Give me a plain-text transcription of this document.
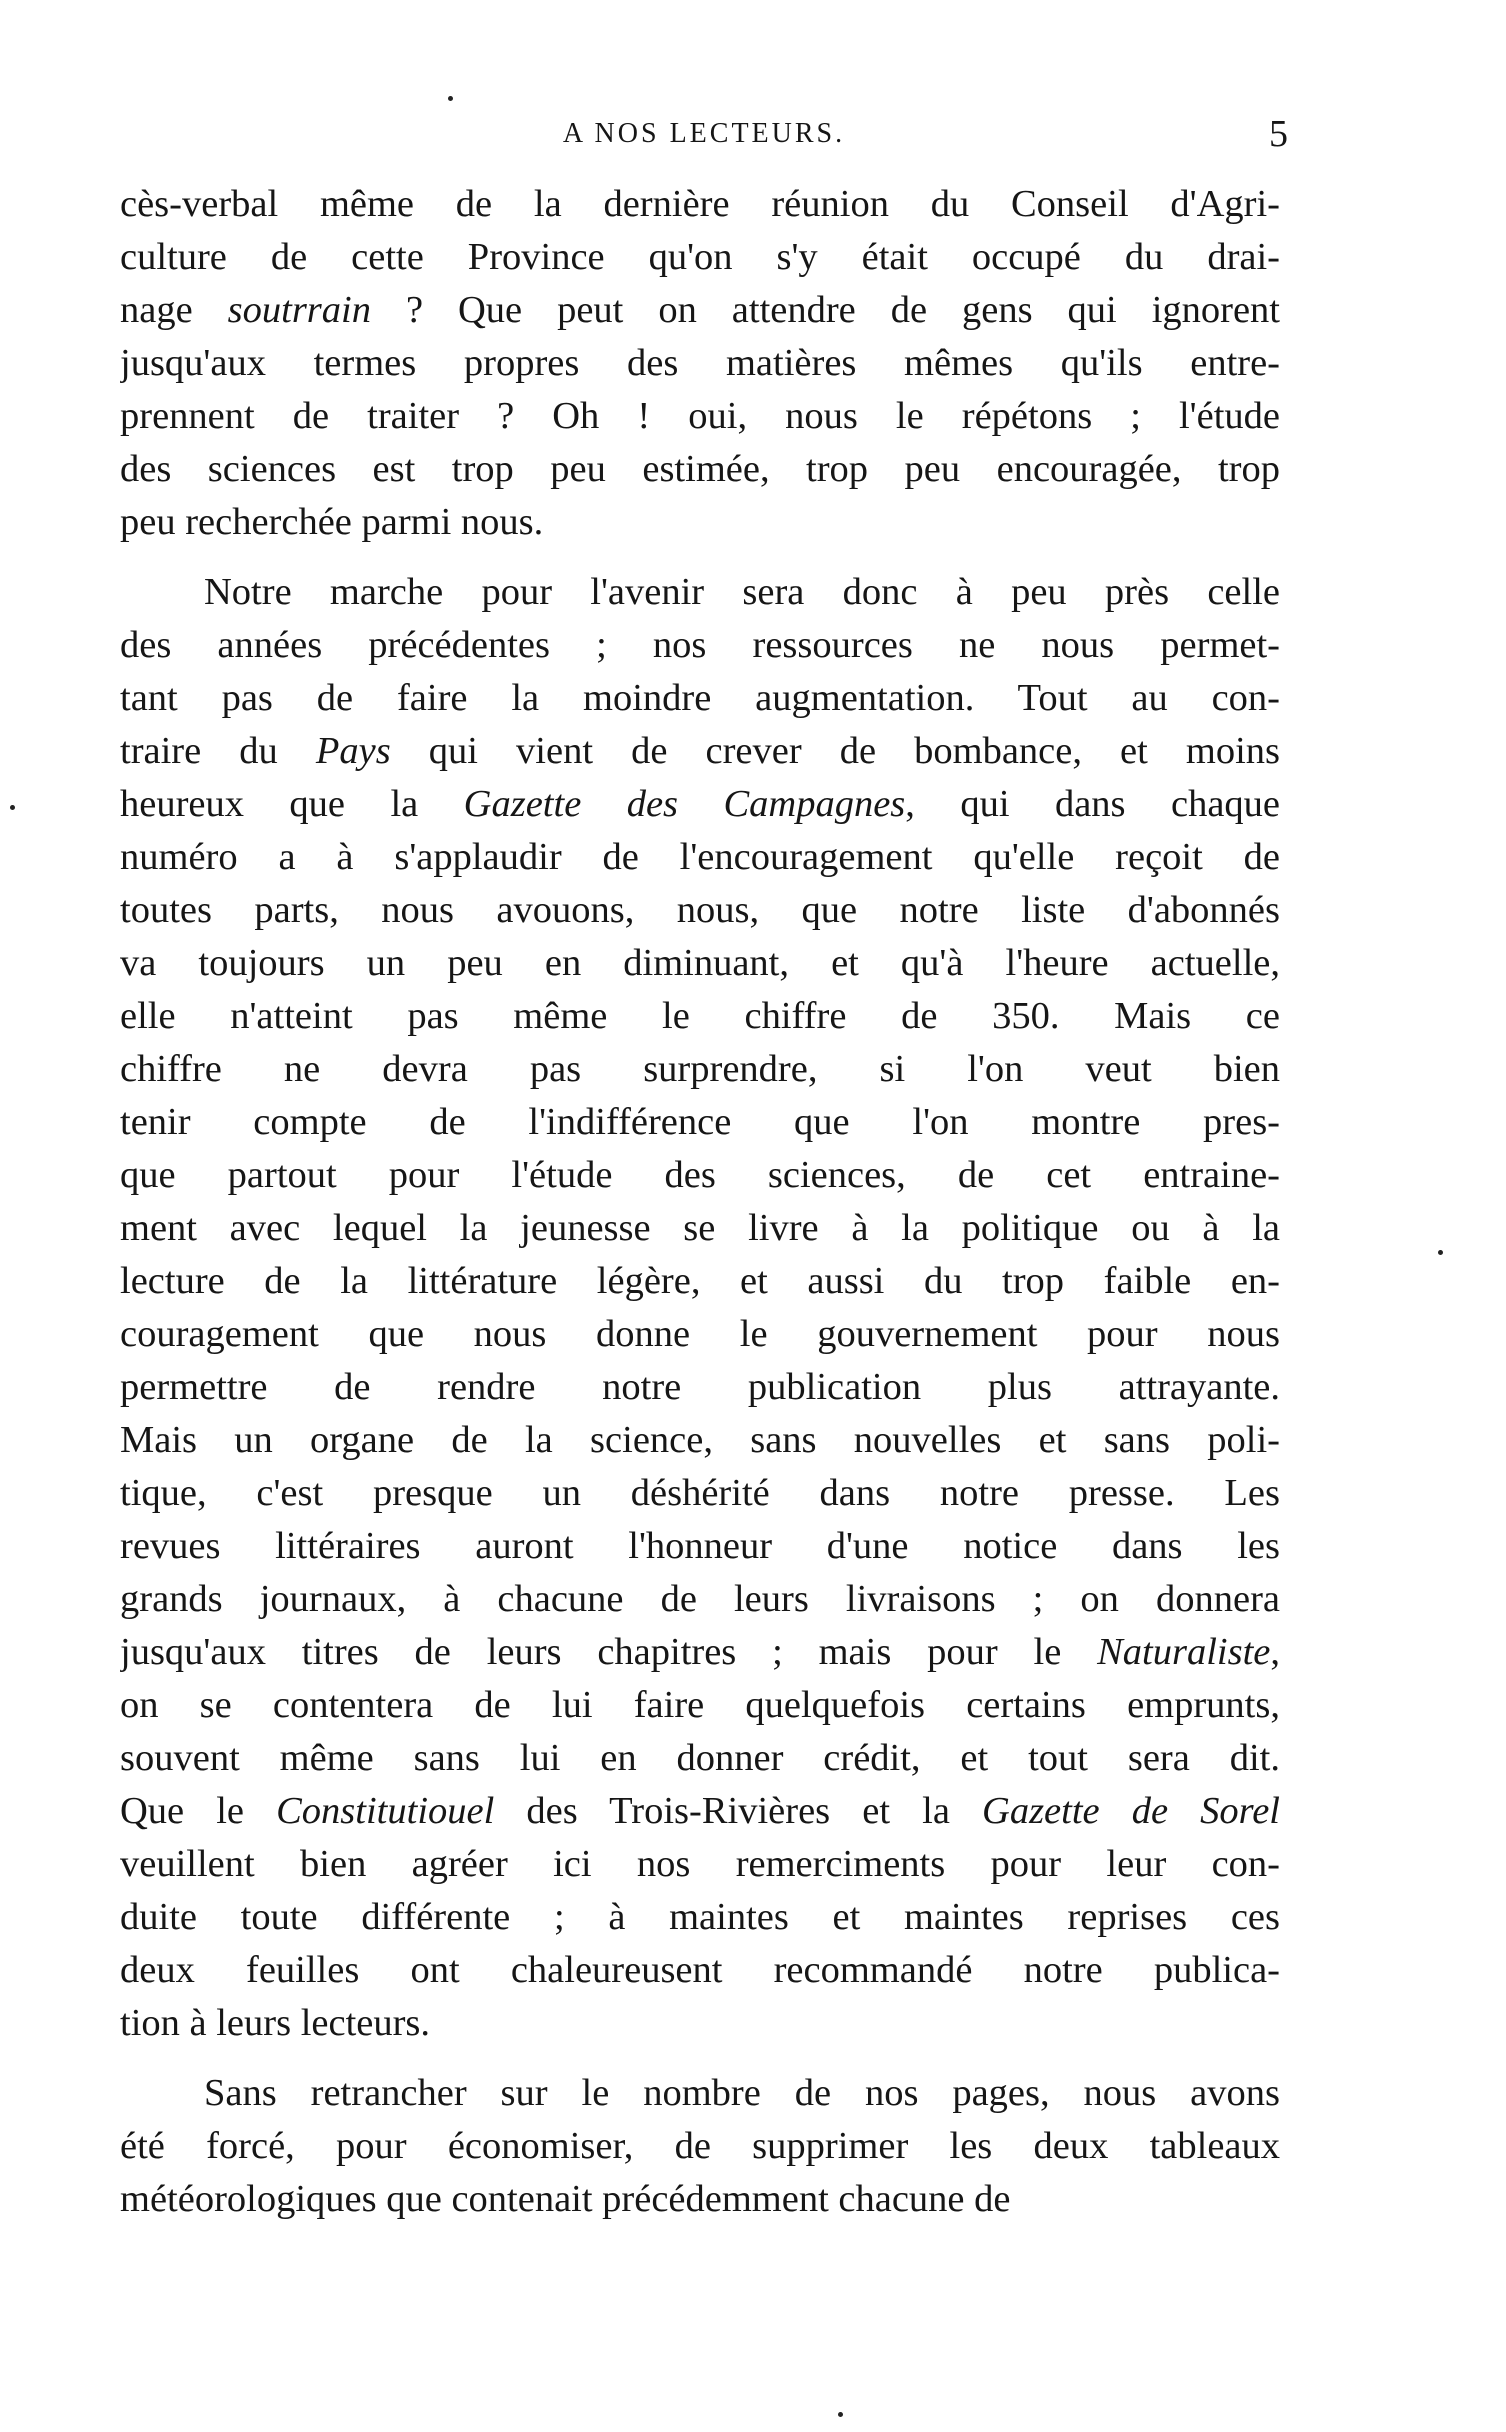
A NOS LECTEURS.	5
cès-verbal même de la dernière réunion du Conseil d'Agri-
culture de cette Province qu'on s'y était occupé du drai-
nage soutrrain ? Que peut on attendre de gens qui ignorent
jusqu'aux termes propres des matières mêmes qu'ils entre-
prennent de traiter ? Oh ! oui, nous le répétons ; l'étude
des sciences est trop peu estimée, trop peu encouragée, trop
peu recherchée parmi nous.
Notre marche pour l'avenir sera donc à peu près celle
des années précédentes ; nos ressources ne nous permet-
tant pas de faire la moindre augmentation. Tout au con-
traire du Pays qui vient de crever de bombance, et moins
heureux que la Gazette des Campagnes, qui dans chaque
numéro a à s'applaudir de l'encouragement qu'elle reçoit de
toutes parts, nous avouons, nous, que notre liste d'abonnés
va toujours un peu en diminuant, et qu'à l'heure actuelle,
elle n'atteint pas même le chiffre de 350. Mais ce
chiffre ne devra pas surprendre, si l'on veut bien
tenir compte de l'indifférence que l'on montre pres-
que partout pour l'étude des sciences, de cet entraine-
ment avec lequel la jeunesse se livre à la politique ou à la
lecture de la littérature légère, et aussi du trop faible en-
couragement que nous donne le gouvernement pour nous
permettre de rendre notre publication plus attrayante.
Mais un organe de la science, sans nouvelles et sans poli-
tique, c'est presque un déshérité dans notre presse. Les
revues littéraires auront l'honneur d'une notice dans les
grands journaux, à chacune de leurs livraisons ; on donnera
jusqu'aux titres de leurs chapitres ; mais pour le Naturaliste,
on se contentera de lui faire quelquefois certains emprunts,
souvent même sans lui en donner crédit, et tout sera dit.
Que le Constitutiouel des Trois-Rivières et la Gazette de Sorel
veuillent bien agréer ici nos remerciments pour leur con-
duite toute différente ; à maintes et maintes reprises ces
deux feuilles ont chaleureusent recommandé notre publica-
tion à leurs lecteurs.
Sans retrancher sur le nombre de nos pages, nous avons
été forcé, pour économiser, de supprimer les deux tableaux
météorologiques que contenait précédemment chacune de
